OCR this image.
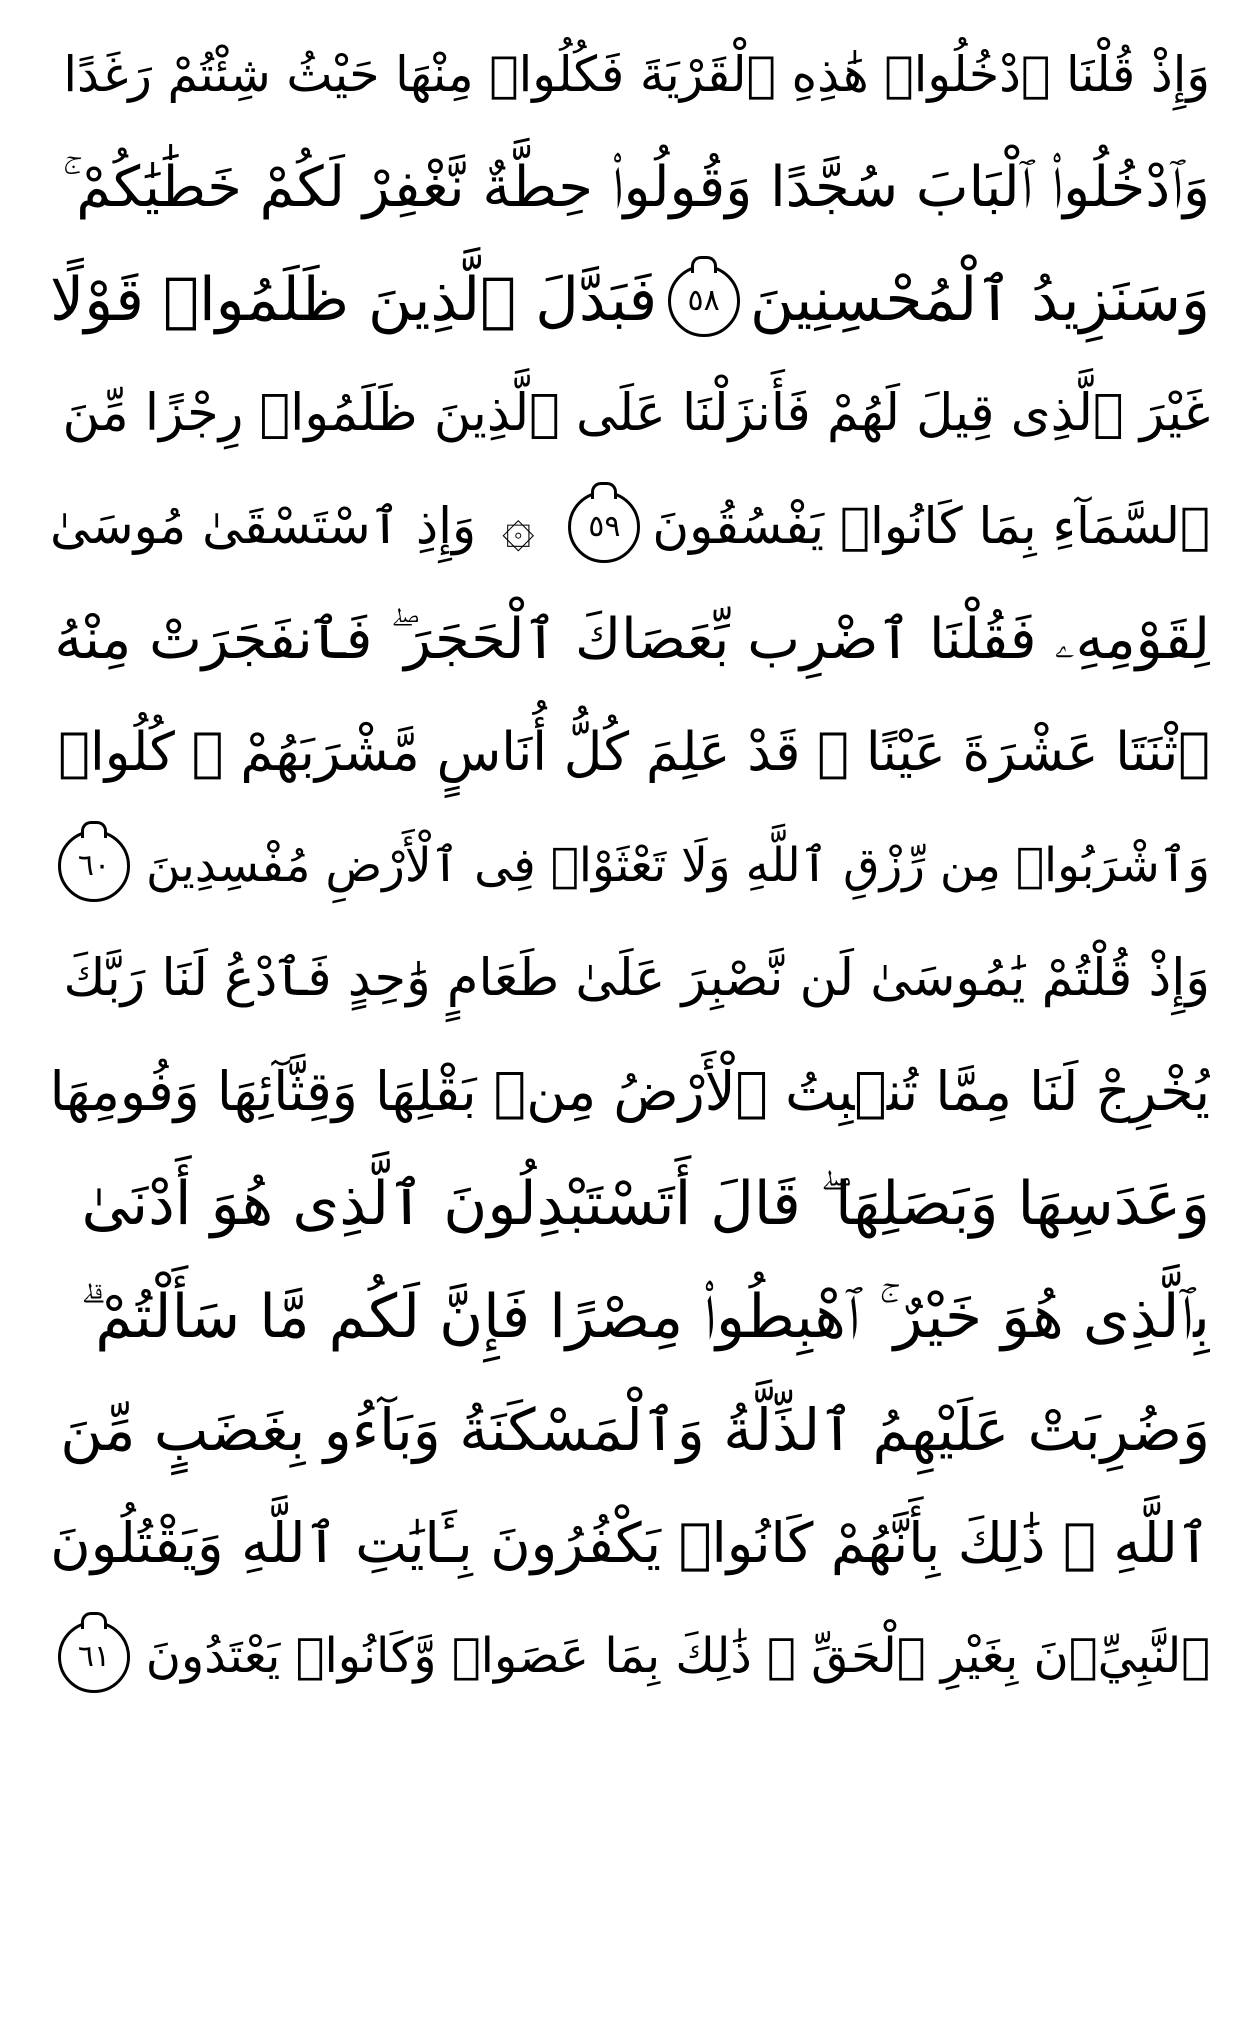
وَإِذْ قُلْنَا ٱدْخُلُوا۟ هَٰذِهِ ٱلْقَرْيَةَ فَكُلُوا۟ مِنْهَا حَيْثُ شِئْتُمْ رَغَدًا
وَٱدْخُلُوا۟ ٱلْبَابَ سُجَّدًا وَقُولُوا۟ حِطَّةٌ نَّغْفِرْ لَكُمْ خَطَٰيَٰكُمْ ۚ
وَسَنَزِيدُ ٱلْمُحْسِنِينَ
٥٨
فَبَدَّلَ ٱلَّذِينَ ظَلَمُوا۟ قَوْلًا
غَيْرَ ٱلَّذِى قِيلَ لَهُمْ فَأَنزَلْنَا عَلَى ٱلَّذِينَ ظَلَمُوا۟ رِجْزًا مِّنَ
ٱلسَّمَآءِ بِمَا كَانُوا۟ يَفْسُقُونَ
٥٩
۞
وَإِذِ ٱسْتَسْقَىٰ مُوسَىٰ
لِقَوْمِهِۦ فَقُلْنَا ٱضْرِب بِّعَصَاكَ ٱلْحَجَرَ ۖ فَٱنفَجَرَتْ مِنْهُ
ٱثْنَتَا عَشْرَةَ عَيْنًا ۖ قَدْ عَلِمَ كُلُّ أُنَاسٍ مَّشْرَبَهُمْ ۖ كُلُوا۟
وَٱشْرَبُوا۟ مِن رِّزْقِ ٱللَّهِ وَلَا تَعْثَوْا۟ فِى ٱلْأَرْضِ مُفْسِدِينَ
٦٠
وَإِذْ قُلْتُمْ يَٰمُوسَىٰ لَن نَّصْبِرَ عَلَىٰ طَعَامٍ وَٰحِدٍ فَٱدْعُ لَنَا رَبَّكَ
يُخْرِجْ لَنَا مِمَّا تُنۢبِتُ ٱلْأَرْضُ مِنۢ بَقْلِهَا وَقِثَّآئِهَا وَفُومِهَا
وَعَدَسِهَا وَبَصَلِهَا ۖ قَالَ أَتَسْتَبْدِلُونَ ٱلَّذِى هُوَ أَدْنَىٰ
بِٱلَّذِى هُوَ خَيْرٌ ۚ ٱهْبِطُوا۟ مِصْرًا فَإِنَّ لَكُم مَّا سَأَلْتُمْ ۗ
وَضُرِبَتْ عَلَيْهِمُ ٱلذِّلَّةُ وَٱلْمَسْكَنَةُ وَبَآءُو بِغَضَبٍ مِّنَ
ٱللَّهِ ۗ ذَٰلِكَ بِأَنَّهُمْ كَانُوا۟ يَكْفُرُونَ بِـَٔايَٰتِ ٱللَّهِ وَيَقْتُلُونَ
ٱلنَّبِيِّۦنَ بِغَيْرِ ٱلْحَقِّ ۗ ذَٰلِكَ بِمَا عَصَوا۟ وَّكَانُوا۟ يَعْتَدُونَ
٦١
